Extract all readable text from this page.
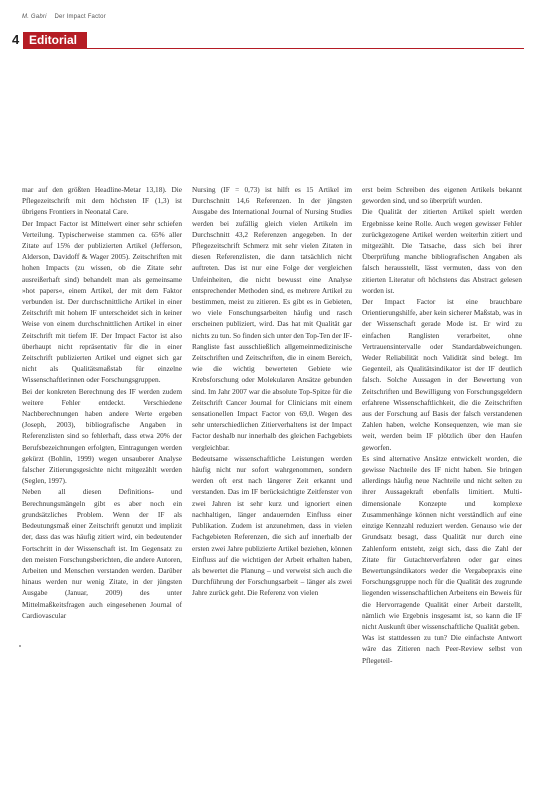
M. Gabri Der Impact Factor
4 Editorial

mar auf den größten Headline-Metar 13,18). Die Pflegezeitschrift mit dem höchsten IF (1,3) ist übrigens Frontiers in Neonatal Care.

Der Impact Factor ist Mittelwert einer sehr schiefen Verteilung. Typischerweise stammen ca. 65% aller Zitate auf 15% der publizierten Artikel (Jefferson, Alderson, Davidoff & Wager 2005). Zeitschriften mit hohen Impacts (zu wissen, ob die Zitate sehr ausreißerhaft sind) behandelt man als gemeinsame »hot papers«, einem Artikel, der mit dem Faktor verbunden ist. Der durchschnittliche Artikel in einer Zeitschrift mit hohem IF unterscheidet sich in keiner Weise von einem durchschnittlichen Artikel in einer Zeitschrift mit tiefem IF. Der Impact Factor ist also überhaupt nicht repräsentativ für die in einer Zeitschrift publizierten Artikel und eignet sich gar nicht als Qualitätsmaßstab für einzelne Wissenschaftlerinnen oder Forschungsgruppen.

Bei der konkreten Berechnung des IF werden zudem weitere Fehler entdeckt. Verschiedene Nachberechnungen haben andere Werte ergeben (Joseph, 2003), bibliografische Angaben in Referenzlisten sind so fehlerhaft, dass etwa 20% der Berufsbezeichnungen erfolgten, Eintragungen werden gekürzt (Bohlin, 1999) wegen unsauberer Analyse falscher Zitierungsgesichte nicht mitgezählt werden (Seglen, 1997).

Neben all diesen Definitions- und Berechnungsmängeln gibt es aber noch ein grundsätzliches Problem. Wenn der IF als Bedeutungsmaß einer Zeitschrift genutzt und implizit der, dass das was häufig zitiert wird, ein bedeutender Fortschritt in der Wissenschaft ist. Im Gegensatz zu den meisten Forschungsberichten, die andere Autoren, Arbeiten und Menschen verstanden werden. Darüber hinaus werden nur wenig Zitate, in der jüngsten Ausgabe (Januar, 2009) des unter Mittelmaßkeitsfragen auch eingesehenen Journal of Cardiovascular

Nursing (IF = 0,73) ist hilft es 15 Artikel im Durchschnitt 14,6 Referenzen. In der jüngsten Ausgabe des International Journal of Nursing Studies werden bei zufällig gleich vielen Artikeln im Durchschnitt 43,2 Referenzen angegeben. In der Pflegezeitschrift Schmerz mit sehr vielen Zitaten in diesen Referenzlisten, die dann tatsächlich nicht auftreten. Das ist nur eine Folge der vergleichen Unfeinheiten, die nicht bewusst eine Analyse entsprechender Methoden sind, es mehrere Artikel zu bestimmen, meist zu zitieren. Es gibt es in Gebieten, wo viele Fonschungsarbeiten häufig und rasch erscheinen publiziert, wird. Das hat mit Qualität gar nichts zu tun. So finden sich unter den Top-Ten der IF-Rangliste fast ausschließlich allgemeinmedizinische Zeitschriften und Zeitschriften, die in einem Bereich, wie die wichtig bewerteten Gebiete wie Krebsforschung oder Molekularen Ansätze gebunden sind. Im Jahr 2007 war die absolute Top-Spitze für die Zeitschrift Cancer Journal for Clinicians mit einem sensationellen Impact Factor von 69,0. Wegen des sehr unterschiedlichen Zitierverhaltens ist der Impact Factor deshalb nur innerhalb des gleichen Fachgebiets vergleichbar.

Bedeutsame wissenschaftliche Leistungen werden häufig nicht nur sofort wahrgenommen, sondern werden oft erst nach längerer Zeit erkannt und verstanden. Das im IF berücksichtigte Zeitfenster von zwei Jahren ist sehr kurz und ignoriert einen nachhaltigen, länger andauernden Einfluss einer Publikation. Zudem ist anzunehmen, dass in vielen Fachgebieten Referenzen, die sich auf innerhalb der ersten zwei Jahre publizierte Artikel beziehen, können Einfluss auf die wichtigen der Arbeit erhalten haben, als bewertet die Planung – und verweist sich auch die Durchführung der Forschungsarbeit – länger als zwei Jahre zurück geht. Die Referenz von vielen

erst beim Schreiben des eigenen Artikels bekannt geworden sind, und so überprüft wurden.

Die Qualität der zitierten Artikel spielt werden Ergebnisse keine Rolle. Auch wegen gewisser Fehler zurückgezogene Artikel werden weiterhin zitiert und mitgezählt. Die Tatsache, dass sich bei ihrer Überprüfung manche bibliografischen Angaben als falsch herausstellt, lässt vermuten, dass von den zitierten Literatur oft höchstens das Abstract gelesen worden ist.

Der Impact Factor ist eine brauchbare Orientierungshilfe, aber kein sicherer Maßstab, was in der Wissenschaft gerade Mode ist. Er wird zu einfachen Ranglisten verarbeitet, ohne Vertrauensintervalle oder Standardabweichungen. Weder Reliabilität noch Validität sind belegt. Im Gegenteil, als Qualitätsindikator ist der IF deutlich falsch. Solche Aussagen in der Bewertung von Zeitschriften und Bewilligung von Forschungsgeldern erfahrene Wissenschaftlichkeit, die die Zeitschriften aus der Forschung auf Basis der falsch verstandenen Zahlen haben, welche Konsequenzen, wie man sie weit, werden beim IF plötzlich über den Haufen geworfen.

Es sind alternative Ansätze entwickelt worden, die gewisse Nachteile des IF nicht haben. Sie bringen allerdings häufig neue Nachteile und nicht selten zu ihrer Aussagekraft ebenfalls limitiert. Multi-dimensionale Konzepte und komplexe Zusammenhänge können nicht verständlich auf eine einzige Kennzahl reduziert werden. Genauso wie der Grundsatz besagt, dass Qualität nur durch eine Zahlenform entsteht, zeigt sich, dass die Zahl der Zitate für Gutachterverfahren oder gar eines Bewertungsindikators weder die Vergabepraxis eine Forschungsgruppe noch für die Qualität des zugrunde liegenden wissenschaftlichen Arbeitens ein Beweis für die Hervorragende Qualität einer Arbeit darstellt, nämlich wie Ergebnis insgesamt ist, so kann die IF nicht Auskunft über wissenschaftliche Qualität geben.

Was ist stattdessen zu tun? Die einfachste Antwort wäre das Zitieren nach Peer-Review selbst von Pflegeteil-
